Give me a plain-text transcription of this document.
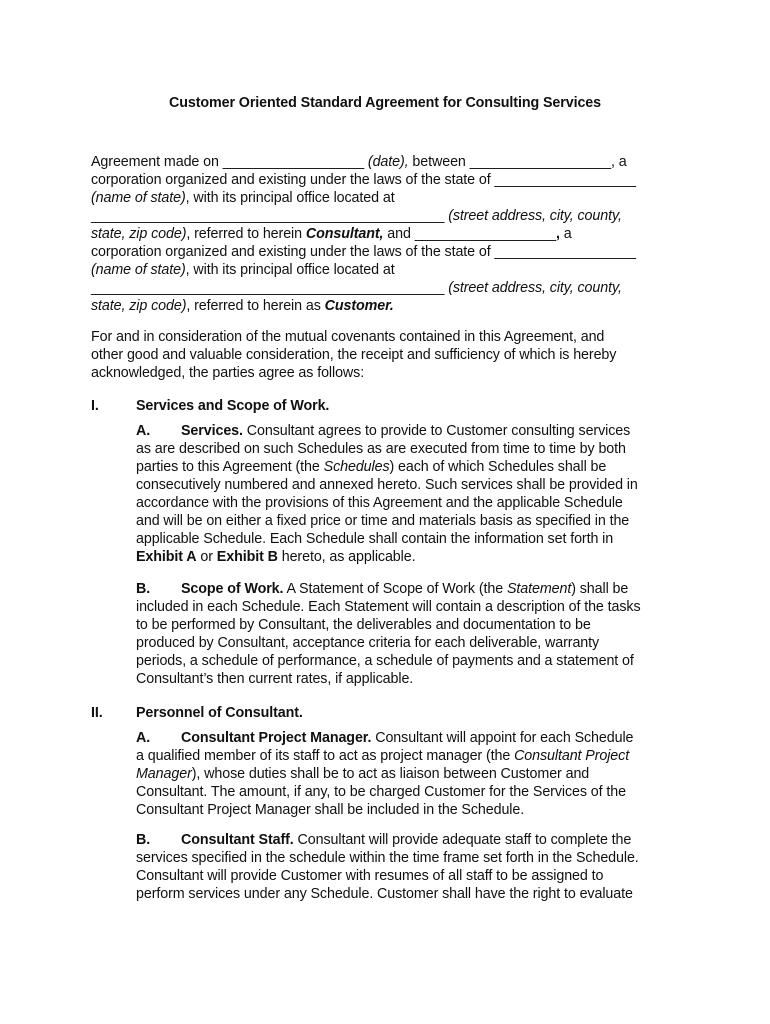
Customer Oriented Standard Agreement for Consulting Services
Agreement made on __________________ (date), between __________________, a
corporation organized and existing under the laws of the state of __________________
(name of state), with its principal office located at
_____________________________________________ (street address, city, county,
state, zip code), referred to herein Consultant, and __________________, a
corporation organized and existing under the laws of the state of __________________
(name of state), with its principal office located at
_____________________________________________ (street address, city, county,
state, zip code), referred to herein as Customer.
For and in consideration of the mutual covenants contained in this Agreement, and
other good and valuable consideration, the receipt and sufficiency of which is hereby
acknowledged, the parties agree as follows:
I.	Services and Scope of Work.
A. Services. Consultant agrees to provide to Customer consulting services
as are described on such Schedules as are executed from time to time by both
parties to this Agreement (the Schedules) each of which Schedules shall be
consecutively numbered and annexed hereto. Such services shall be provided in
accordance with the provisions of this Agreement and the applicable Schedule
and will be on either a fixed price or time and materials basis as specified in the
applicable Schedule. Each Schedule shall contain the information set forth in
Exhibit A or Exhibit B hereto, as applicable.
B. Scope of Work. A Statement of Scope of Work (the Statement) shall be
included in each Schedule. Each Statement will contain a description of the tasks
to be performed by Consultant, the deliverables and documentation to be
produced by Consultant, acceptance criteria for each deliverable, warranty
periods, a schedule of performance, a schedule of payments and a statement of
Consultant’s then current rates, if applicable.
II. Personnel of Consultant.
A. Consultant Project Manager. Consultant will appoint for each Schedule
a qualified member of its staff to act as project manager (the Consultant Project
Manager), whose duties shall be to act as liaison between Customer and
Consultant. The amount, if any, to be charged Customer for the Services of the
Consultant Project Manager shall be included in the Schedule.
B. Consultant Staff. Consultant will provide adequate staff to complete the
services specified in the schedule within the time frame set forth in the Schedule.
Consultant will provide Customer with resumes of all staff to be assigned to
perform services under any Schedule. Customer shall have the right to evaluate
